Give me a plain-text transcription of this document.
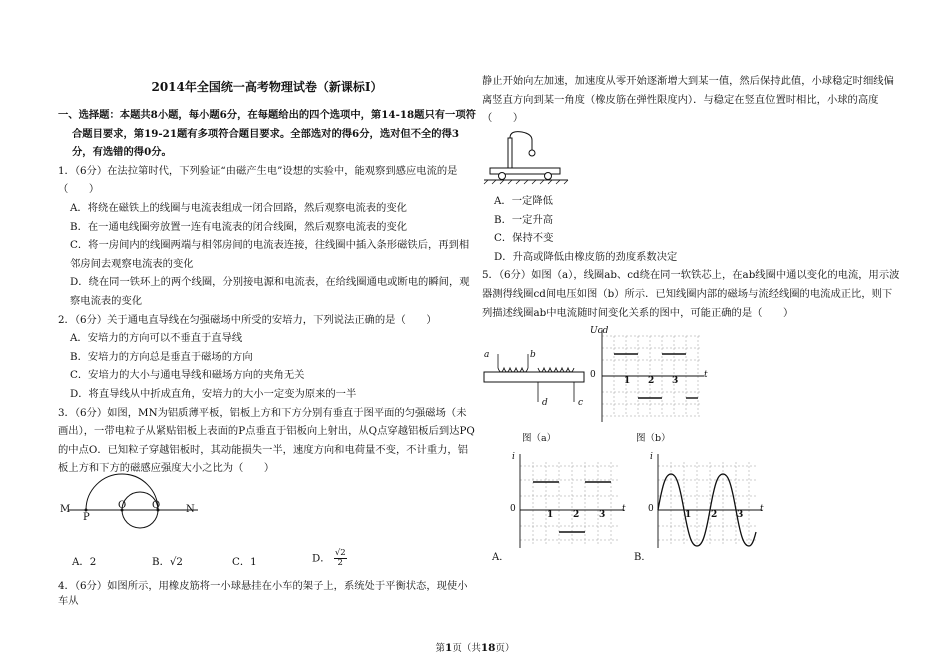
2014年全国统一高考物理试卷（新课标Ⅰ）

一、选择题：本题共8小题，每小题6分，在每题给出的四个选项中，第14-18题只有一项符合题目要求，第19-21题有多项符合题目要求。全部选对的得6分，选对但不全的得3分，有选错的得0分。

1．（6分）在法拉第时代，下列验证“由磁产生电”设想的实验中，能观察到感应电流的是（　　）

A．将绕在磁铁上的线圈与电流表组成一闭合回路，然后观察电流表的变化

B．在一通电线圈旁放置一连有电流表的闭合线圈，然后观察电流表的变化

C．将一房间内的线圈两端与相邻房间的电流表连接，往线圈中插入条形磁铁后，再到相邻房间去观察电流表的变化

D．绕在同一铁环上的两个线圈，分别接电源和电流表，在给线圈通电或断电的瞬间，观察电流表的变化

2．（6分）关于通电直导线在匀强磁场中所受的安培力，下列说法正确的是（　　）

A．安培力的方向可以不垂直于直导线

B．安培力的方向总是垂直于磁场的方向

C．安培力的大小与通电导线和磁场方向的夹角无关

D．将直导线从中折成直角，安培力的大小一定变为原来的一半

3．（6分）如图，MN为铝质薄平板，铝板上方和下方分别有垂直于图平面的匀强磁场（未画出），一带电粒子从紧贴铝板上表面的P点垂直于铝板向上射出，从Q点穿越铝板后到达PQ的中点O．已知粒子穿越铝板时，其动能损失一半，速度方向和电荷量不变，不计重力，铝板上方和下方的磁感应强度大小之比为（　　）

M
P
O	Q	N
A．2	B．√2	C．1	D． $\frac{√2}{2}$
4．（6分）如图所示，用橡皮筋将一小球悬挂在小车的架子上，系统处于平衡状态，现使小车从

静止开始向左加速，加速度从零开始逐渐增大到某一值，然后保持此值，小球稳定时细线偏离竖直方向到某一角度（橡皮筋在弹性限度内）．与稳定在竖直位置时相比，小球的高度（　　）

A．一定降低

B．一定升高

C．保持不变

D．升高或降低由橡皮筋的劲度系数决定

5．（6分）如图（a），线圈ab、cd绕在同一软铁芯上，在ab线圈中通以变化的电流，用示波器测得线圈cd间电压如图（b）所示．已知线圈内部的磁场与流经线圈的电流成正比，则下列描述线圈ab中电流随时间变化关系的图中，可能正确的是（　　）

a	b
d	c
图（a）
Ucd
0
1 2 3
t
图（b）
i
0
1 2 3
t
A．
i
0
1 2 3
t
B．
第1页（共18页）
